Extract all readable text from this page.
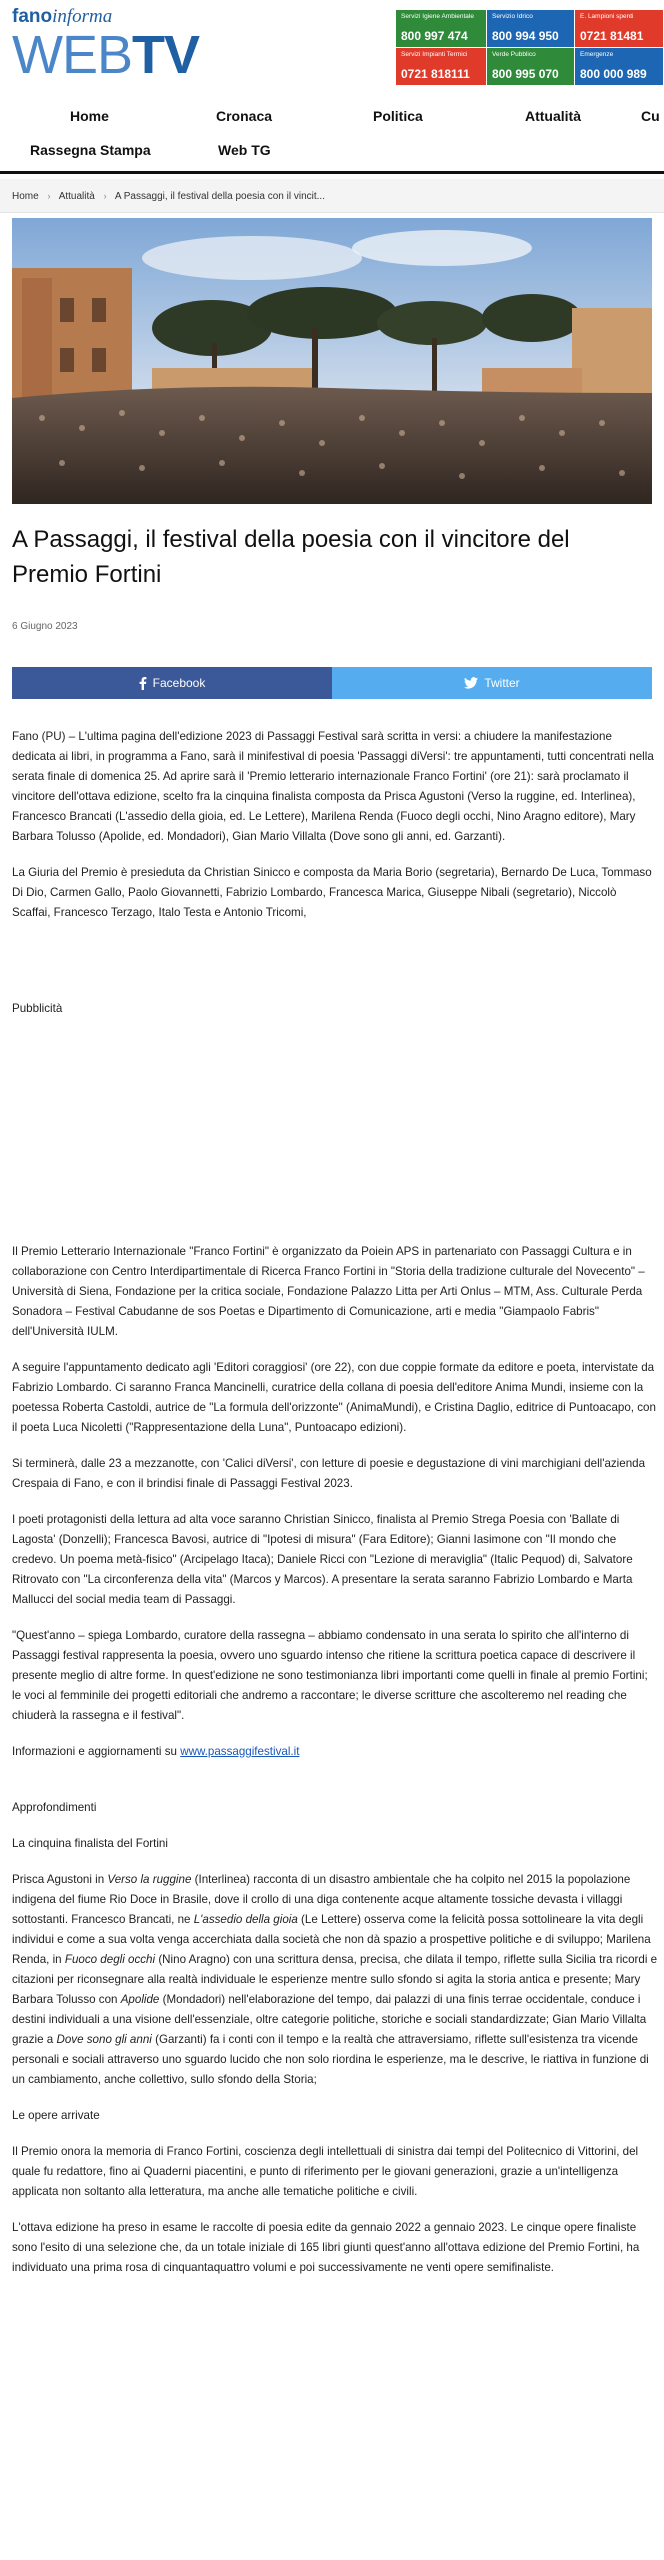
fanoinforma
WEBTV
Servizi Igiene Ambientale
800 997 474
Servizio Idrico
800 994 950
E. Lampioni spenti
0721 81481
Servizi Impianti Termici
0721 818111
Verde Pubblico
800 995 070
Emergenze
800 000 989
Home	Cronaca	Politica	Attualità	Cu
Rassegna Stampa	Web TG
Home › Attualità › A Passaggi, il festival della poesia con il vincit...
A Passaggi, il festival della poesia con il vincitore del Premio Fortini
6 Giugno 2023
Facebook	Twitter

Fano (PU) – L'ultima pagina dell'edizione 2023 di Passaggi Festival sarà scritta in versi: a chiudere la manifestazione dedicata ai libri, in programma a Fano, sarà il minifestival di poesia 'Passaggi diVersi': tre appuntamenti, tutti concentrati nella serata finale di domenica 25. Ad aprire sarà il 'Premio letterario internazionale Franco Fortini' (ore 21): sarà proclamato il vincitore dell'ottava edizione, scelto fra la cinquina finalista composta da Prisca Agustoni (Verso la ruggine, ed. Interlinea), Francesco Brancati (L'assedio della gioia, ed. Le Lettere), Marilena Renda (Fuoco degli occhi, Nino Aragno editore), Mary Barbara Tolusso (Apolide, ed. Mondadori), Gian Mario Villalta (Dove sono gli anni, ed. Garzanti).

La Giuria del Premio è presieduta da Christian Sinicco e composta da Maria Borio (segretaria), Bernardo De Luca, Tommaso Di Dio, Carmen Gallo, Paolo Giovannetti, Fabrizio Lombardo, Francesca Marica, Giuseppe Nibali (segretario), Niccolò Scaffai, Francesco Terzago, Italo Testa e Antonio Tricomi,

Pubblicità

Il Premio Letterario Internazionale "Franco Fortini" è organizzato da Poiein APS in partenariato con Passaggi Cultura e in collaborazione con Centro Interdipartimentale di Ricerca Franco Fortini in "Storia della tradizione culturale del Novecento" – Università di Siena, Fondazione per la critica sociale, Fondazione Palazzo Litta per Arti Onlus – MTM, Ass. Culturale Perda Sonadora – Festival Cabudanne de sos Poetas e Dipartimento di Comunicazione, arti e media "Giampaolo Fabris" dell'Università IULM.

A seguire l'appuntamento dedicato agli 'Editori coraggiosi' (ore 22), con due coppie formate da editore e poeta, intervistate da Fabrizio Lombardo. Ci saranno Franca Mancinelli, curatrice della collana di poesia dell'editore Anima Mundi, insieme con la poetessa Roberta Castoldi, autrice de "La formula dell'orizzonte" (AnimaMundi), e Cristina Daglio, editrice di Puntoacapo, con il poeta Luca Nicoletti ("Rappresentazione della Luna", Puntoacapo edizioni).

Si terminerà, dalle 23 a mezzanotte, con 'Calici diVersi', con letture di poesie e degustazione di vini marchigiani dell'azienda Crespaia di Fano, e con il brindisi finale di Passaggi Festival 2023.

I poeti protagonisti della lettura ad alta voce saranno Christian Sinicco, finalista al Premio Strega Poesia con 'Ballate di Lagosta' (Donzelli); Francesca Bavosi, autrice di "Ipotesi di misura" (Fara Editore); Gianni Iasimone con "Il mondo che credevo. Un poema metà-fisico" (Arcipelago Itaca); Daniele Ricci con "Lezione di meraviglia" (Italic Pequod) di, Salvatore Ritrovato con "La circonferenza della vita" (Marcos y Marcos). A presentare la serata saranno Fabrizio Lombardo e Marta Mallucci del social media team di Passaggi.

"Quest'anno – spiega Lombardo, curatore della rassegna – abbiamo condensato in una serata lo spirito che all'interno di Passaggi festival rappresenta la poesia, ovvero uno sguardo intenso che ritiene la scrittura poetica capace di descrivere il presente meglio di altre forme. In quest'edizione ne sono testimonianza libri importanti come quelli in finale al premio Fortini; le voci al femminile dei progetti editoriali che andremo a raccontare; le diverse scritture che ascolteremo nel reading che chiuderà la rassegna e il festival".

Informazioni e aggiornamenti su www.passaggifestival.it

Approfondimenti

La cinquina finalista del Fortini

Prisca Agustoni in Verso la ruggine (Interlinea) racconta di un disastro ambientale che ha colpito nel 2015 la popolazione indigena del fiume Rio Doce in Brasile, dove il crollo di una diga contenente acque altamente tossiche devasta i villaggi sottostanti. Francesco Brancati, ne L'assedio della gioia (Le Lettere) osserva come la felicità possa sottolineare la vita degli individui e come a sua volta venga accerchiata dalla società che non dà spazio a prospettive politiche e di sviluppo; Marilena Renda, in Fuoco degli occhi (Nino Aragno) con una scrittura densa, precisa, che dilata il tempo, riflette sulla Sicilia tra ricordi e citazioni per riconsegnare alla realtà individuale le esperienze mentre sullo sfondo si agita la storia antica e presente; Mary Barbara Tolusso con Apolide (Mondadori) nell'elaborazione del tempo, dai palazzi di una finis terrae occidentale, conduce i destini individuali a una visione dell'essenziale, oltre categorie politiche, storiche e sociali standardizzate; Gian Mario Villalta grazie a Dove sono gli anni (Garzanti) fa i conti con il tempo e la realtà che attraversiamo, riflette sull'esistenza tra vicende personali e sociali attraverso uno sguardo lucido che non solo riordina le esperienze, ma le descrive, le riattiva in funzione di un cambiamento, anche collettivo, sullo sfondo della Storia;

Le opere arrivate

Il Premio onora la memoria di Franco Fortini, coscienza degli intellettuali di sinistra dai tempi del Politecnico di Vittorini, del quale fu redattore, fino ai Quaderni piacentini, e punto di riferimento per le giovani generazioni, grazie a un'intelligenza applicata non soltanto alla letteratura, ma anche alle tematiche politiche e civili.

L'ottava edizione ha preso in esame le raccolte di poesia edite da gennaio 2022 a gennaio 2023. Le cinque opere finaliste sono l'esito di una selezione che, da un totale iniziale di 165 libri giunti quest'anno all'ottava edizione del Premio Fortini, ha individuato una prima rosa di cinquantaquattro volumi e poi successivamente ne venti opere semifinaliste.
